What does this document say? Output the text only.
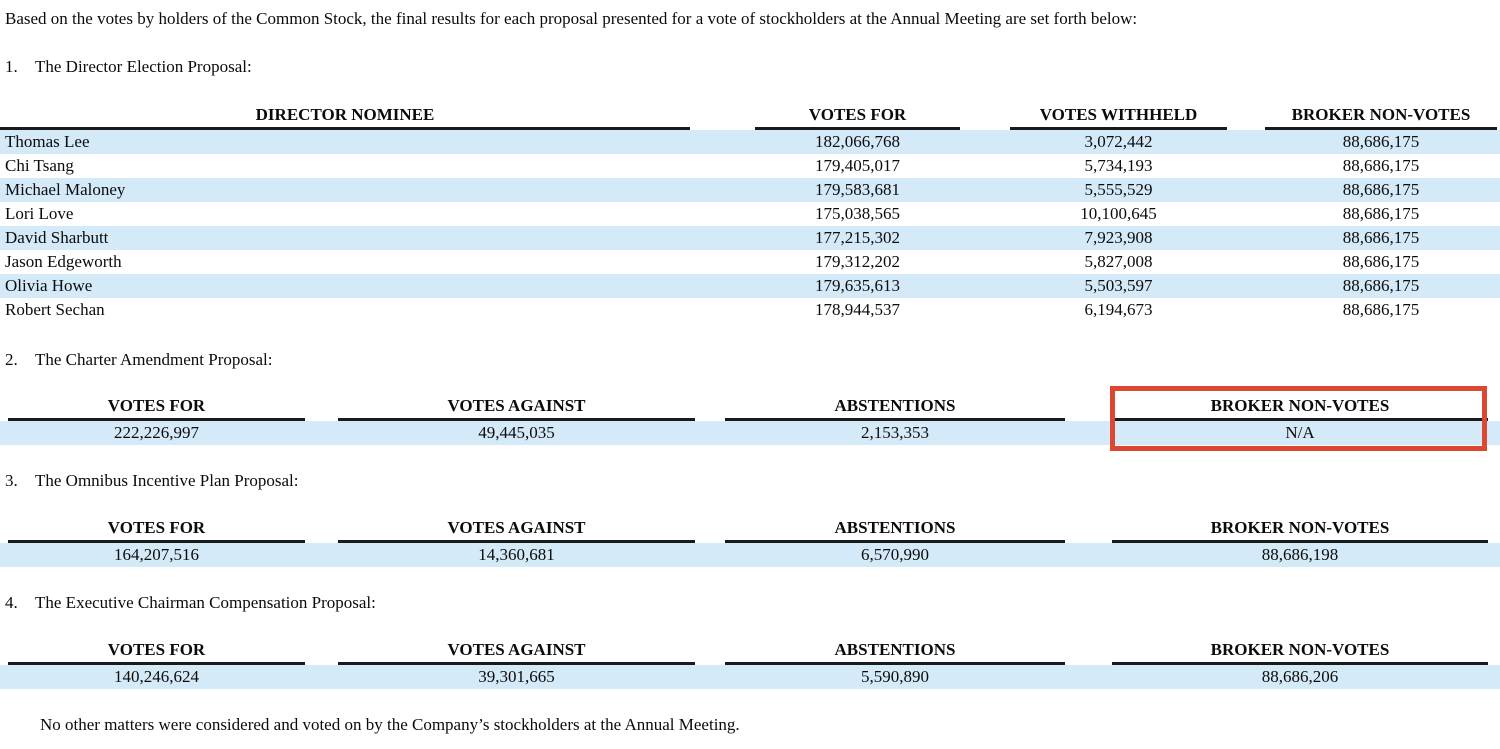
Based on the votes by holders of the Common Stock, the final results for each proposal presented for a vote of stockholders at the Annual Meeting are set forth below:

1.	The Director Election Proposal:
DIRECTOR NOMINEE	VOTES FOR	VOTES WITHHELD	BROKER NON-VOTES
Thomas Lee	182,066,768	3,072,442	88,686,175
Chi Tsang	179,405,017	5,734,193	88,686,175
Michael Maloney	179,583,681	5,555,529	88,686,175
Lori Love	175,038,565	10,100,645	88,686,175
David Sharbutt	177,215,302	7,923,908	88,686,175
Jason Edgeworth	179,312,202	5,827,008	88,686,175
Olivia Howe	179,635,613	5,503,597	88,686,175
Robert Sechan	178,944,537	6,194,673	88,686,175
2.	The Charter Amendment Proposal:
VOTES FOR	VOTES AGAINST	ABSTENTIONS	BROKER NON-VOTES
222,226,997	49,445,035	2,153,353	N/A
3.	The Omnibus Incentive Plan Proposal:
VOTES FOR	VOTES AGAINST	ABSTENTIONS	BROKER NON-VOTES
164,207,516	14,360,681	6,570,990	88,686,198
4.	The Executive Chairman Compensation Proposal:
VOTES FOR	VOTES AGAINST	ABSTENTIONS	BROKER NON-VOTES
140,246,624	39,301,665	5,590,890	88,686,206

No other matters were considered and voted on by the Company’s stockholders at the Annual Meeting.
